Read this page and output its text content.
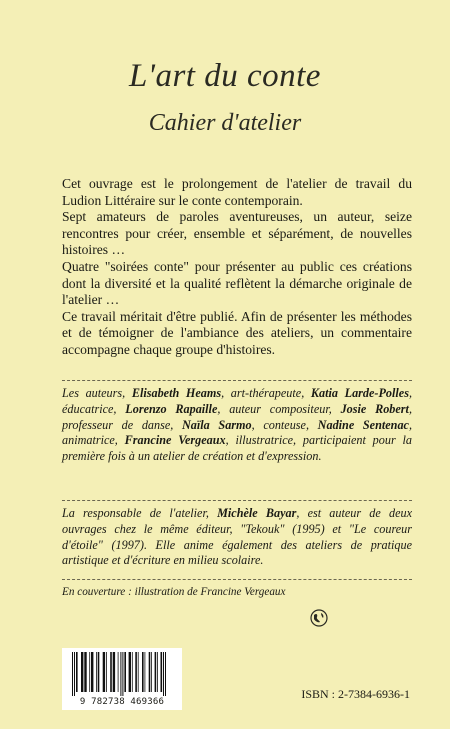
L'art du conte
Cahier d'atelier

Cet ouvrage est le prolongement de l'atelier de travail du Ludion Littéraire sur le conte contemporain.

Sept amateurs de paroles aventureuses, un auteur, seize rencontres pour créer, ensemble et séparément, de nouvelles histoires …

Quatre "soirées conte" pour présenter au public ces créations dont la diversité et la qualité reflètent la démarche originale de l'atelier …

Ce travail méritait d'être publié. Afin de présenter les méthodes et de témoigner de l'ambiance des ateliers, un commentaire accompagne chaque groupe d'histoires.

Les auteurs, Elisabeth Heams, art-thérapeute, Katia Larde-Polles, éducatrice, Lorenzo Rapaille, auteur compositeur, Josie Robert, professeur de danse, Naïla Sarmo, conteuse, Nadine Sentenac, animatrice, Francine Vergeaux, illustratrice, participaient pour la première fois à un atelier de création et d'expression.
La responsable de l'atelier, Michèle Bayar, est auteur de deux ouvrages chez le même éditeur, "Tekouk" (1995) et "Le coureur d'étoile" (1997). Elle anime également des ateliers de pratique artistique et d'écriture en milieu scolaire.
En couverture : illustration de Francine Vergeaux
9 782738 469366
ISBN : 2-7384-6936-1
